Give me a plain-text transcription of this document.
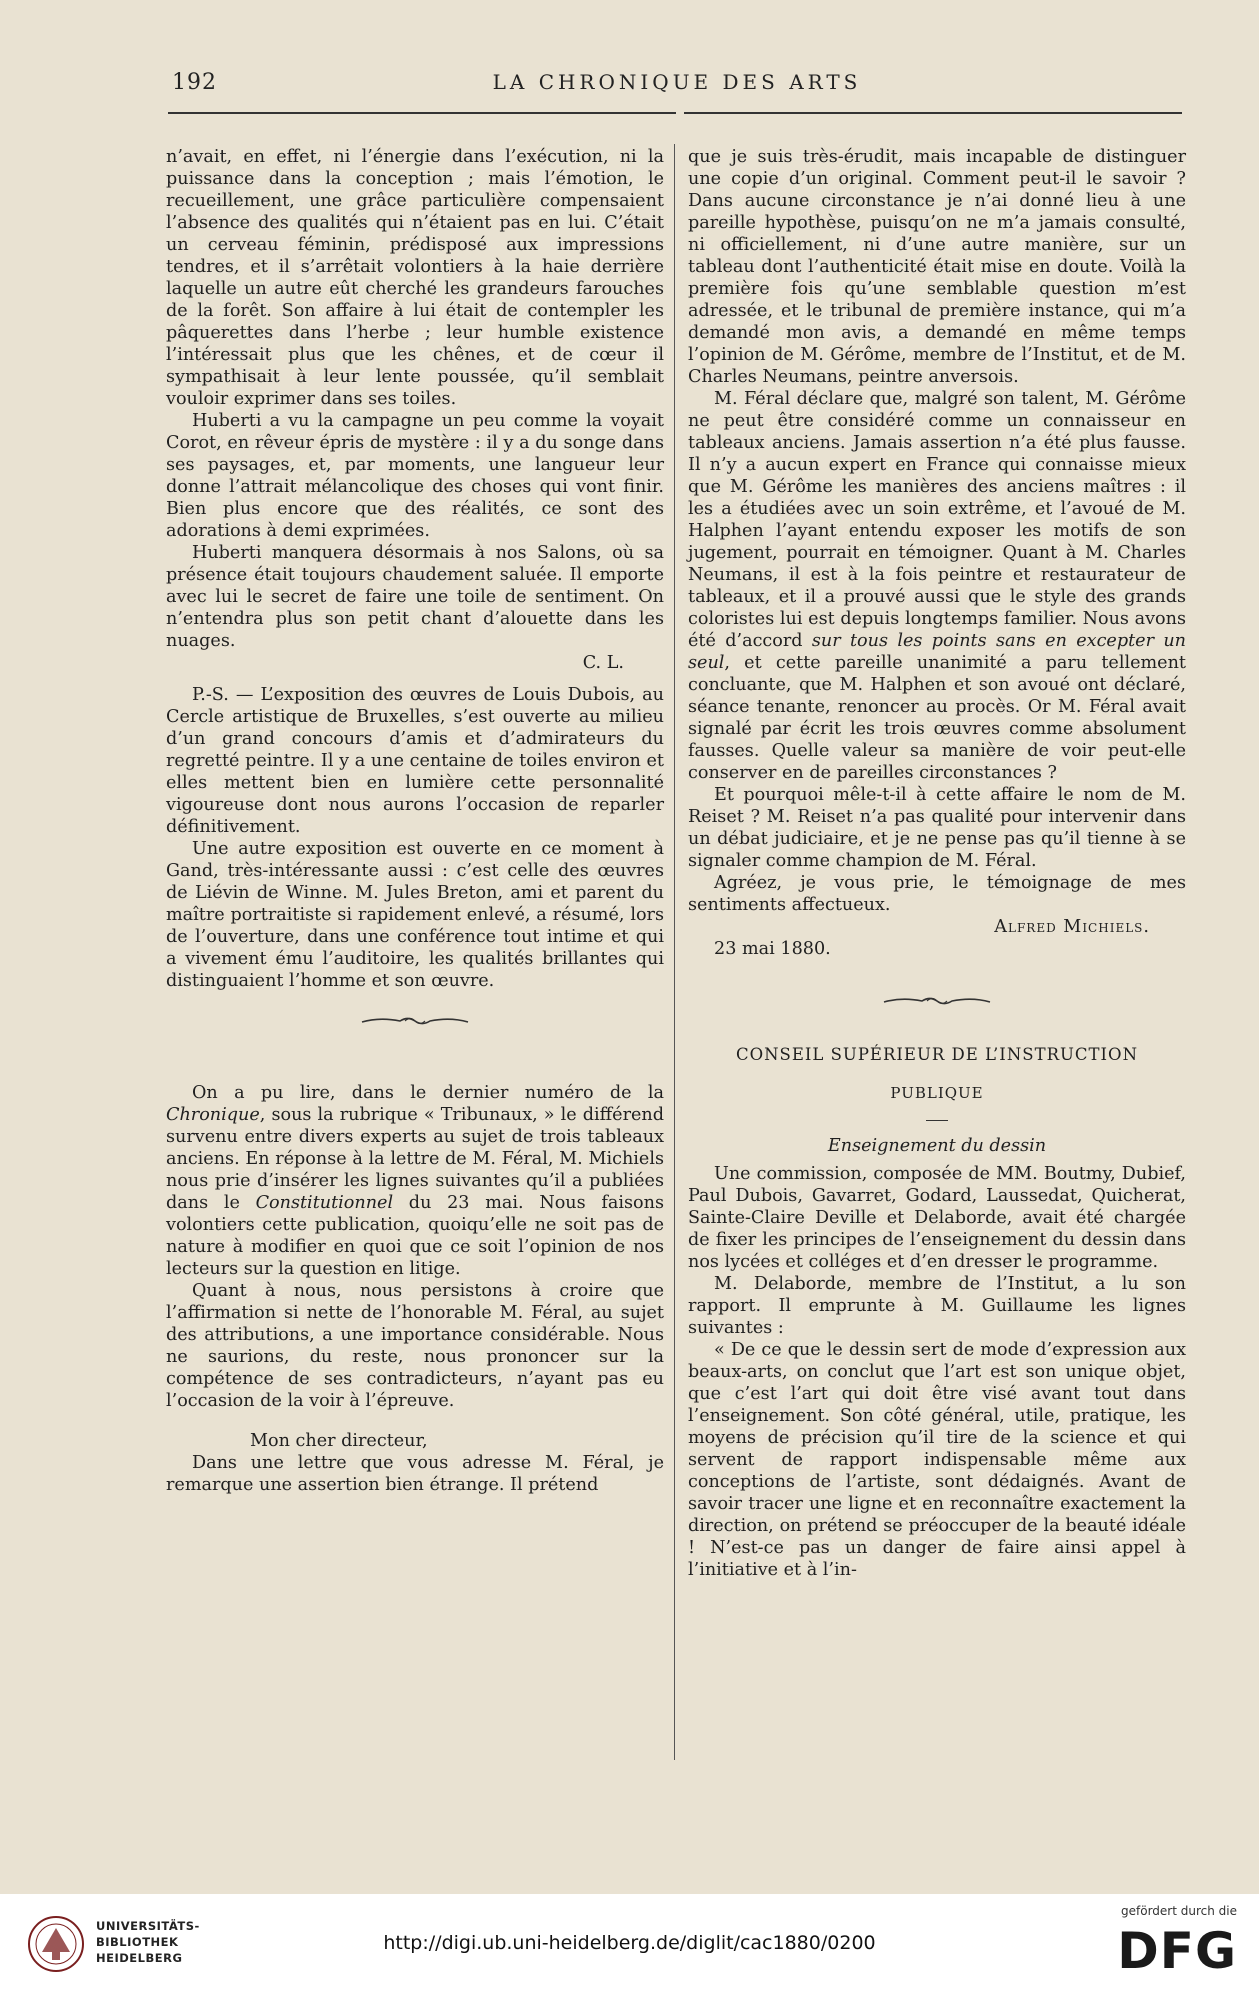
192	LA CHRONIQUE DES ARTS

n’avait, en effet, ni l’énergie dans l’exécution, ni la puissance dans la conception ; mais l’émotion, le recueillement, une grâce particulière compensaient l’absence des qualités qui n’étaient pas en lui. C’était un cerveau féminin, prédisposé aux impressions tendres, et il s’arrêtait volontiers à la haie derrière laquelle un autre eût cherché les grandeurs farouches de la forêt. Son affaire à lui était de contempler les pâquerettes dans l’herbe ; leur humble existence l’intéressait plus que les chênes, et de cœur il sympathisait à leur lente poussée, qu’il semblait vouloir exprimer dans ses toiles.

Huberti a vu la campagne un peu comme la voyait Corot, en rêveur épris de mystère : il y a du songe dans ses paysages, et, par moments, une langueur leur donne l’attrait mélancolique des choses qui vont finir. Bien plus encore que des réalités, ce sont des adorations à demi exprimées.

Huberti manquera désormais à nos Salons, où sa présence était toujours chaudement saluée. Il emporte avec lui le secret de faire une toile de sentiment. On n’entendra plus son petit chant d’alouette dans les nuages.

C. L.

P.-S. — L’exposition des œuvres de Louis Dubois, au Cercle artistique de Bruxelles, s’est ouverte au milieu d’un grand concours d’amis et d’admirateurs du regretté peintre. Il y a une centaine de toiles environ et elles mettent bien en lumière cette personnalité vigoureuse dont nous aurons l’occasion de reparler définitivement.

Une autre exposition est ouverte en ce moment à Gand, très-intéressante aussi : c’est celle des œuvres de Liévin de Winne. M. Jules Breton, ami et parent du maître portraitiste si rapidement enlevé, a résumé, lors de l’ouverture, dans une conférence tout intime et qui a vivement ému l’auditoire, les qualités brillantes qui distinguaient l’homme et son œuvre.

On a pu lire, dans le dernier numéro de la Chronique, sous la rubrique « Tribunaux, » le différend survenu entre divers experts au sujet de trois tableaux anciens. En réponse à la lettre de M. Féral, M. Michiels nous prie d’insérer les lignes suivantes qu’il a publiées dans le Constitutionnel du 23 mai. Nous faisons volontiers cette publication, quoiqu’elle ne soit pas de nature à modifier en quoi que ce soit l’opinion de nos lecteurs sur la question en litige.

Quant à nous, nous persistons à croire que l’affirmation si nette de l’honorable M. Féral, au sujet des attributions, a une importance considérable. Nous ne saurions, du reste, nous prononcer sur la compétence de ses contradicteurs, n’ayant pas eu l’occasion de la voir à l’épreuve.

Mon cher directeur,

Dans une lettre que vous adresse M. Féral, je remarque une assertion bien étrange. Il prétend

que je suis très-érudit, mais incapable de distinguer une copie d’un original. Comment peut-il le savoir ? Dans aucune circonstance je n’ai donné lieu à une pareille hypothèse, puisqu’on ne m’a jamais consulté, ni officiellement, ni d’une autre manière, sur un tableau dont l’authenticité était mise en doute. Voilà la première fois qu’une semblable question m’est adressée, et le tribunal de première instance, qui m’a demandé mon avis, a demandé en même temps l’opinion de M. Gérôme, membre de l’Institut, et de M. Charles Neumans, peintre anversois.

M. Féral déclare que, malgré son talent, M. Gérôme ne peut être considéré comme un connaisseur en tableaux anciens. Jamais assertion n’a été plus fausse. Il n’y a aucun expert en France qui connaisse mieux que M. Gérôme les manières des anciens maîtres : il les a étudiées avec un soin extrême, et l’avoué de M. Halphen l’ayant entendu exposer les motifs de son jugement, pourrait en témoigner. Quant à M. Charles Neumans, il est à la fois peintre et restaurateur de tableaux, et il a prouvé aussi que le style des grands coloristes lui est depuis longtemps familier. Nous avons été d’accord sur tous les points sans en excepter un seul, et cette pareille unanimité a paru tellement concluante, que M. Halphen et son avoué ont déclaré, séance tenante, renoncer au procès. Or M. Féral avait signalé par écrit les trois œuvres comme absolument fausses. Quelle valeur sa manière de voir peut-elle conserver en de pareilles circonstances ?

Et pourquoi mêle-t-il à cette affaire le nom de M. Reiset ? M. Reiset n’a pas qualité pour intervenir dans un débat judiciaire, et je ne pense pas qu’il tienne à se signaler comme champion de M. Féral.

Agréez, je vous prie, le témoignage de mes sentiments affectueux.

Alfred Michiels.

23 mai 1880.

CONSEIL SUPÉRIEUR DE L’INSTRUCTION
PUBLIQUE
Enseignement du dessin

Une commission, composée de MM. Boutmy, Dubief, Paul Dubois, Gavarret, Godard, Laussedat, Quicherat, Sainte-Claire Deville et Delaborde, avait été chargée de fixer les principes de l’enseignement du dessin dans nos lycées et colléges et d’en dresser le programme.

M. Delaborde, membre de l’Institut, a lu son rapport. Il emprunte à M. Guillaume les lignes suivantes :

« De ce que le dessin sert de mode d’expression aux beaux-arts, on conclut que l’art est son unique objet, que c’est l’art qui doit être visé avant tout dans l’enseignement. Son côté général, utile, pratique, les moyens de précision qu’il tire de la science et qui servent de rapport indispensable même aux conceptions de l’artiste, sont dédaignés. Avant de savoir tracer une ligne et en reconnaître exactement la direction, on prétend se préoccuper de la beauté idéale ! N’est-ce pas un danger de faire ainsi appel à l’initiative et à l’in-

UNIVERSITÄTS-
BIBLIOTHEK
HEIDELBERG
http://digi.ub.uni-heidelberg.de/diglit/cac1880/0200
gefördert durch die
DFG
